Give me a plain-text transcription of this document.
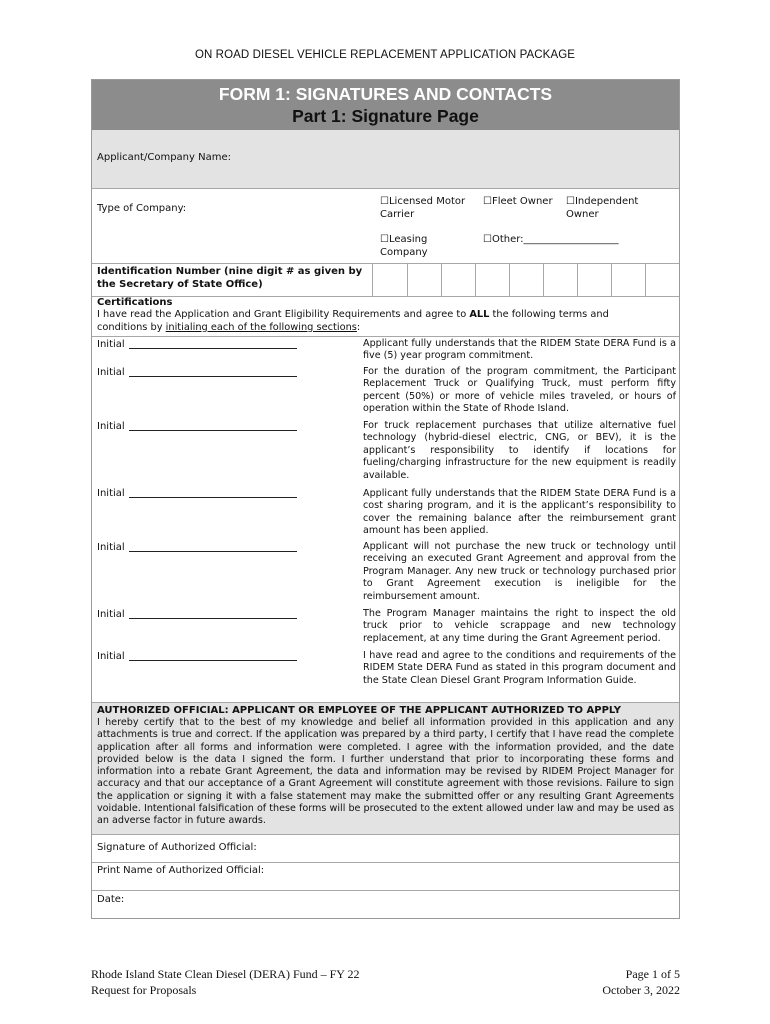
ON ROAD DIESEL VEHICLE REPLACEMENT APPLICATION PACKAGE
FORM 1: SIGNATURES AND CONTACTS
Part 1: Signature Page
Applicant/Company Name:
Type of Company:
☐Licensed Motor Carrier
☐Fleet Owner	☐Independent Owner
☐Leasing Company
☐Other:___________________
Identification Number (nine digit # as given by the Secretary of State Office)
Certifications
I have read the Application and Grant Eligibility Requirements and agree to ALL the following terms and conditions by initialing each of the following sections:
Initial	Applicant fully understands that the RIDEM State DERA Fund is a five (5) year program commitment.
Initial	For the duration of the program commitment, the Participant Replacement Truck or Qualifying Truck, must perform fifty percent (50%) or more of vehicle miles traveled, or hours of operation within the State of Rhode Island.
Initial	For truck replacement purchases that utilize alternative fuel technology (hybrid-diesel electric, CNG, or BEV), it is the applicant’s responsibility to identify if locations for fueling/charging infrastructure for the new equipment is readily available.
Initial	Applicant fully understands that the RIDEM State DERA Fund is a cost sharing program, and it is the applicant’s responsibility to cover the remaining balance after the reimbursement grant amount has been applied.
Initial	Applicant will not purchase the new truck or technology until receiving an executed Grant Agreement and approval from the Program Manager. Any new truck or technology purchased prior to Grant Agreement execution is ineligible for the reimbursement amount.
Initial	The Program Manager maintains the right to inspect the old truck prior to vehicle scrappage and new technology replacement, at any time during the Grant Agreement period.
Initial	I have read and agree to the conditions and requirements of the RIDEM State DERA Fund as stated in this program document and the State Clean Diesel Grant Program Information Guide.
AUTHORIZED OFFICIAL: APPLICANT OR EMPLOYEE OF THE APPLICANT AUTHORIZED TO APPLY
I hereby certify that to the best of my knowledge and belief all information provided in this application and any attachments is true and correct. If the application was prepared by a third party, I certify that I have read the complete application after all forms and information were completed. I agree with the information provided, and the date provided below is the data I signed the form. I further understand that prior to incorporating these forms and information into a rebate Grant Agreement, the data and information may be revised by RIDEM Project Manager for accuracy and that our acceptance of a Grant Agreement will constitute agreement with those revisions. Failure to sign the application or signing it with a false statement may make the submitted offer or any resulting Grant Agreements voidable. Intentional falsification of these forms will be prosecuted to the extent allowed under law and may be used as an adverse factor in future awards.
Signature of Authorized Official:
Print Name of Authorized Official:
Date:
Rhode Island State Clean Diesel (DERA) Fund – FY 22
Request for Proposals
Page 1 of 5
October 3, 2022
